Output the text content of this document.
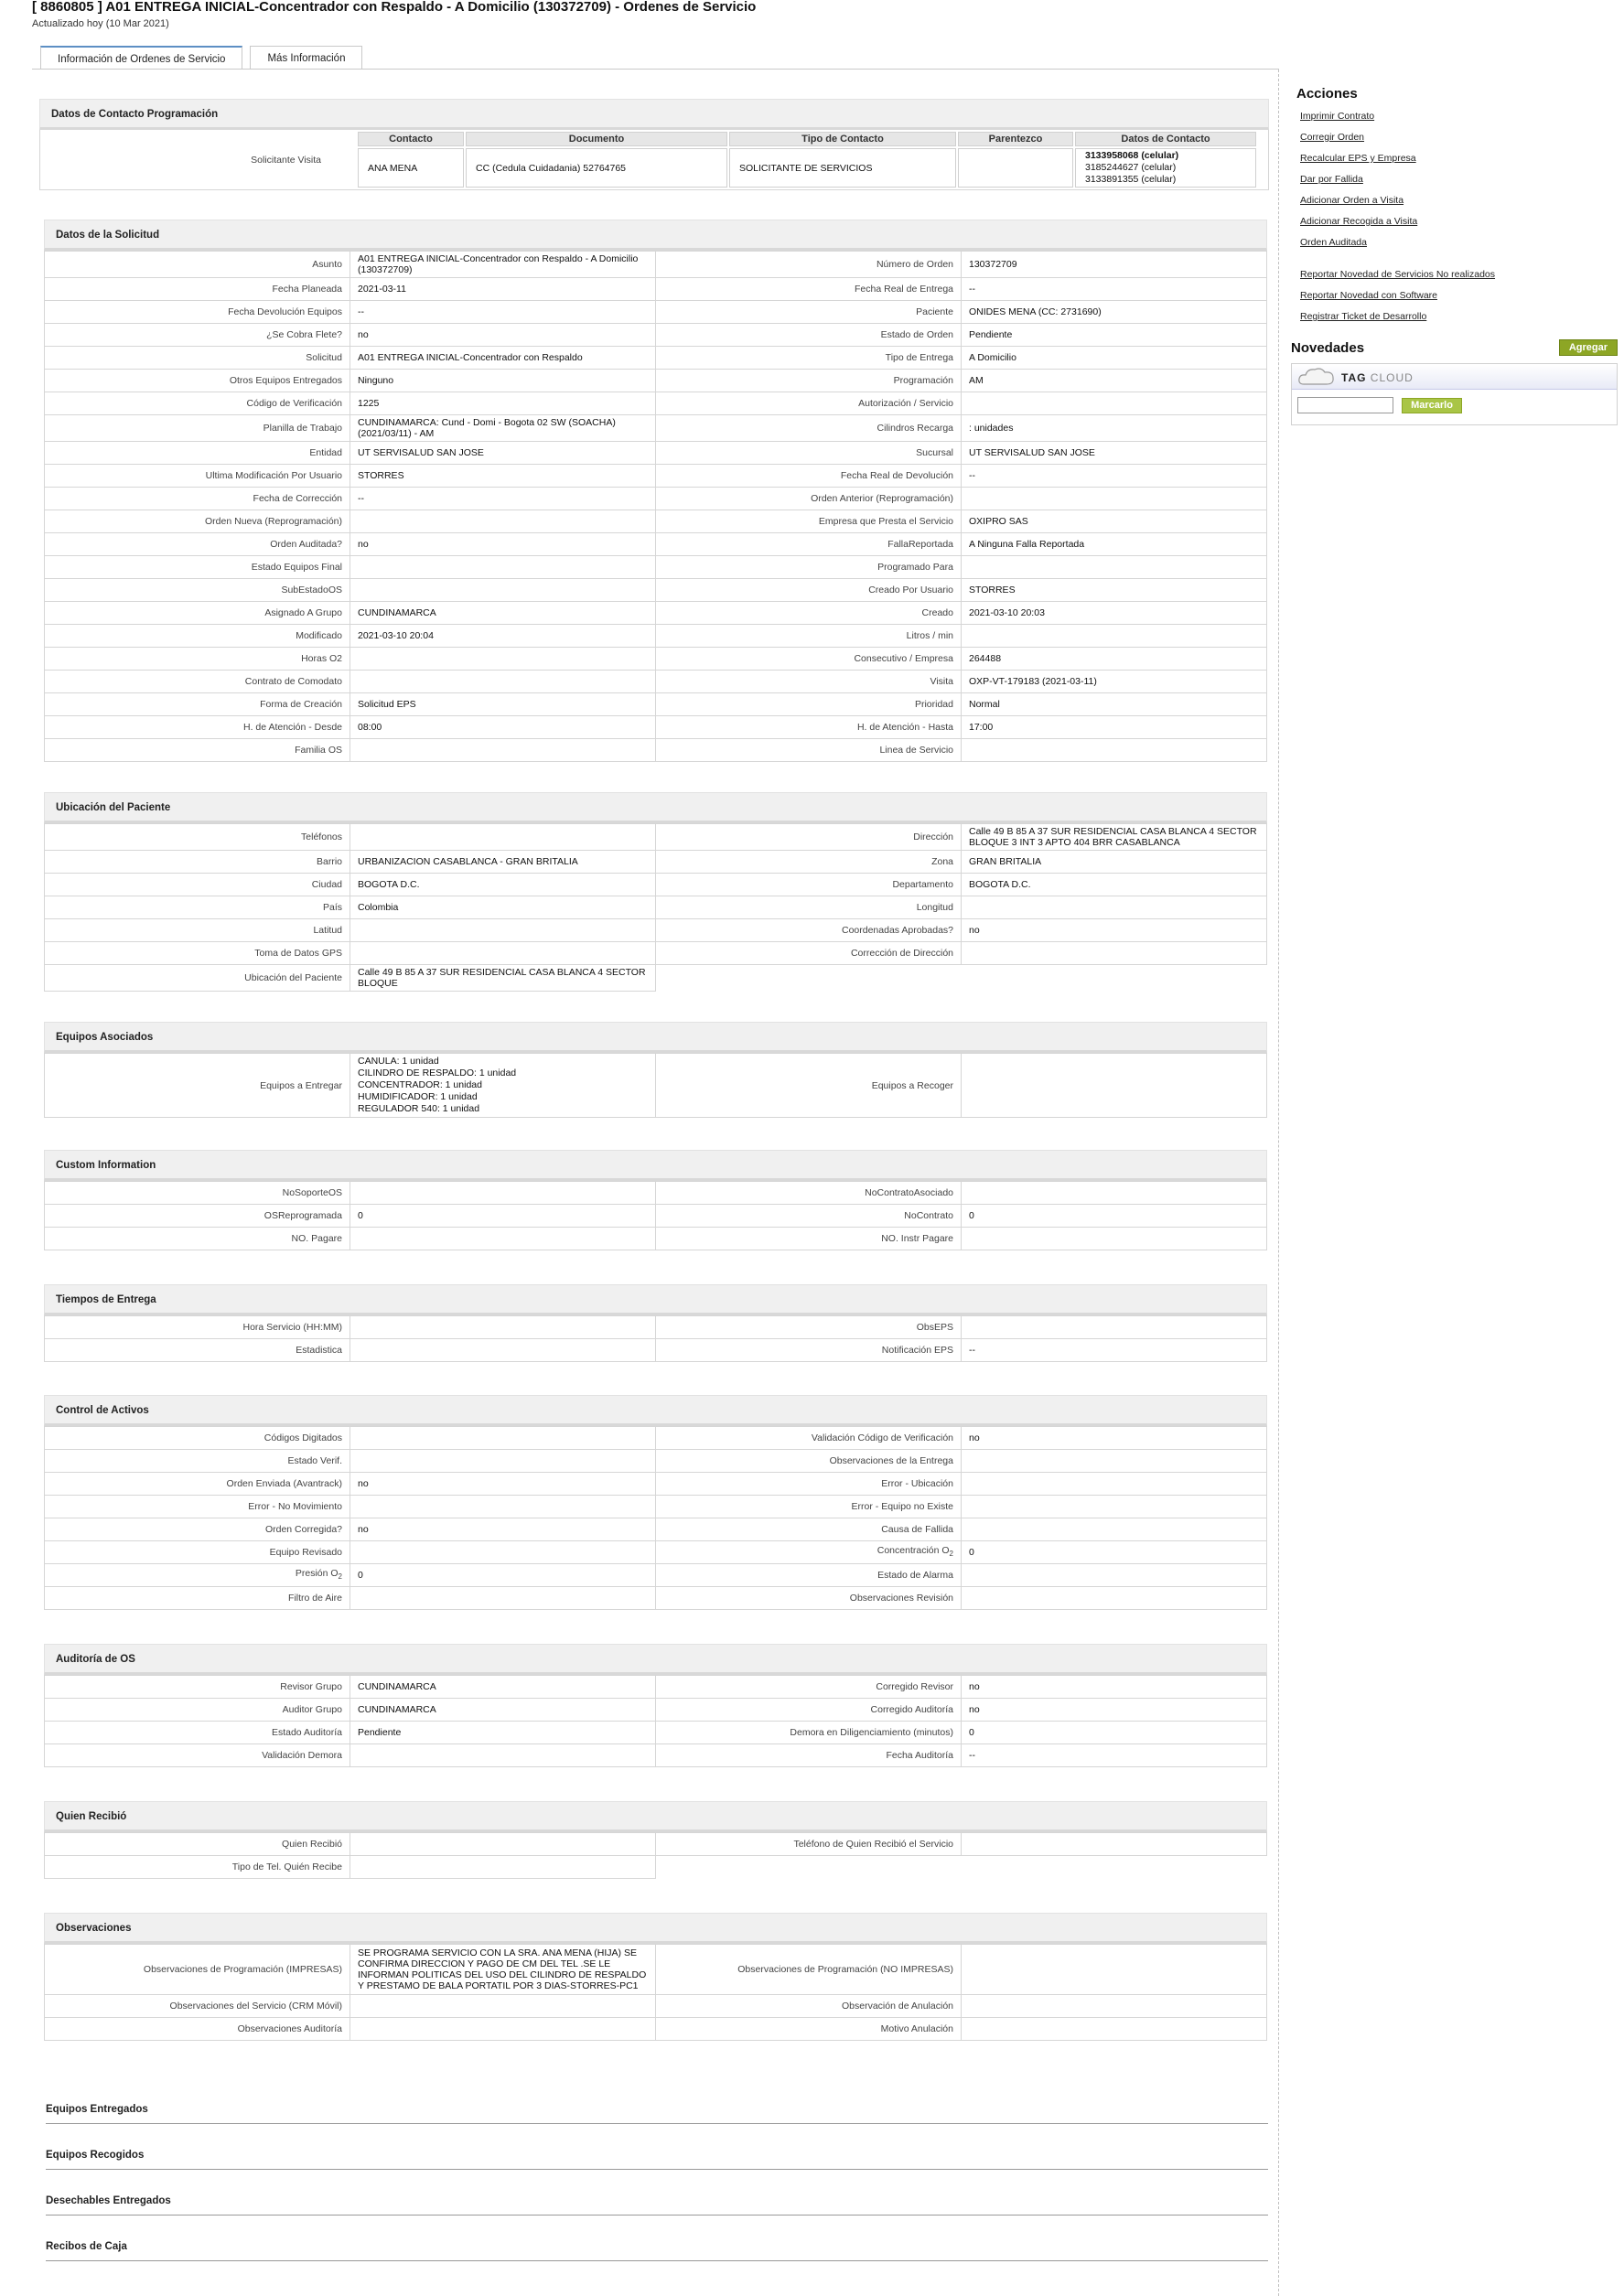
[ 8860805 ] A01 ENTREGA INICIAL-Concentrador con Respaldo - A Domicilio (130372709) - Ordenes de Servicio
Actualizado hoy (10 Mar 2021)
Información de Ordenes de Servicio	Más Información
Datos de Contacto Programación
Solicitante Visita
Contacto	Documento	Tipo de Contacto	Parentezco	Datos de Contacto
ANA MENA	CC (Cedula Cuidadania) 52764765	SOLICITANTE DE SERVICIOS		3133958068 (celular)
3185244627 (celular)
3133891355 (celular)
Datos de la Solicitud
Asunto	A01 ENTREGA INICIAL-Concentrador con Respaldo - A Domicilio (130372709)	Número de Orden	130372709
Fecha Planeada	2021-03-11	Fecha Real de Entrega	--
Fecha Devolución Equipos	--	Paciente	ONIDES MENA (CC: 2731690)
¿Se Cobra Flete?	no	Estado de Orden	Pendiente
Solicitud	A01 ENTREGA INICIAL-Concentrador con Respaldo	Tipo de Entrega	A Domicilio
Otros Equipos Entregados	Ninguno	Programación	AM
Código de Verificación	1225	Autorización / Servicio	
Planilla de Trabajo	CUNDINAMARCA: Cund - Domi - Bogota 02 SW (SOACHA) (2021/03/11) - AM	Cilindros Recarga	: unidades
Entidad	UT SERVISALUD SAN JOSE	Sucursal	UT SERVISALUD SAN JOSE
Ultima Modificación Por Usuario	STORRES	Fecha Real de Devolución	--
Fecha de Corrección	--	Orden Anterior (Reprogramación)	
Orden Nueva (Reprogramación)		Empresa que Presta el Servicio	OXIPRO SAS
Orden Auditada?	no	FallaReportada	A Ninguna Falla Reportada
Estado Equipos Final		Programado Para	
SubEstadoOS		Creado Por Usuario	STORRES
Asignado A Grupo	CUNDINAMARCA	Creado	2021-03-10 20:03
Modificado	2021-03-10 20:04	Litros / min	
Horas O2		Consecutivo / Empresa	264488
Contrato de Comodato		Visita	OXP-VT-179183 (2021-03-11)
Forma de Creación	Solicitud EPS	Prioridad	Normal
H. de Atención - Desde	08:00	H. de Atención - Hasta	17:00
Familia OS		Linea de Servicio	
Ubicación del Paciente
Teléfonos		Dirección	Calle 49 B 85 A 37 SUR RESIDENCIAL CASA BLANCA 4 SECTOR BLOQUE 3 INT 3 APTO 404 BRR CASABLANCA
Barrio	URBANIZACION CASABLANCA - GRAN BRITALIA	Zona	GRAN BRITALIA
Ciudad	BOGOTA D.C.	Departamento	BOGOTA D.C.
País	Colombia	Longitud	
Latitud		Coordenadas Aprobadas?	no
Toma de Datos GPS		Corrección de Dirección	
Ubicación del Paciente	Calle 49 B 85 A 37 SUR RESIDENCIAL CASA BLANCA 4 SECTOR BLOQUE		
Equipos Asociados
Equipos a Entregar	
CANULA: 1 unidad
CILINDRO DE RESPALDO: 1 unidad
CONCENTRADOR: 1 unidad
HUMIDIFICADOR: 1 unidad
REGULADOR 540: 1 unidad
	Equipos a Recoger	
Custom Information
NoSoporteOS		NoContratoAsociado	
OSReprogramada	0	NoContrato	0
NO. Pagare		NO. Instr Pagare	
Tiempos de Entrega
Hora Servicio (HH:MM)		ObsEPS	
Estadistica		Notificación EPS	--
Control de Activos
Códigos Digitados		Validación Código de Verificación	no
Estado Verif.		Observaciones de la Entrega	
Orden Enviada (Avantrack)	no	Error - Ubicación	
Error - No Movimiento		Error - Equipo no Existe	
Orden Corregida?	no	Causa de Fallida	
Equipo Revisado		Concentración $O_2$	0
Presión $O_2$	0	Estado de Alarma	
Filtro de Aire		Observaciones Revisión	
Auditoría de OS
Revisor Grupo	CUNDINAMARCA	Corregido Revisor	no
Auditor Grupo	CUNDINAMARCA	Corregido Auditoría	no
Estado Auditoría	Pendiente	Demora en Diligenciamiento (minutos)	0
Validación Demora		Fecha Auditoría	--
Quien Recibió
Quien Recibió		Teléfono de Quien Recibió el Servicio	
Tipo de Tel. Quién Recibe			
Observaciones
Observaciones de Programación (IMPRESAS)	SE PROGRAMA SERVICIO CON LA SRA. ANA MENA (HIJA) SE CONFIRMA DIRECCION Y PAGO DE CM DEL TEL .SE LE INFORMAN POLITICAS DEL USO DEL CILINDRO DE RESPALDO Y PRESTAMO DE BALA PORTATIL POR 3 DIAS-STORRES-PC1	Observaciones de Programación (NO IMPRESAS)	
Observaciones del Servicio (CRM Móvil)		Observación de Anulación	
Observaciones Auditoría		Motivo Anulación	
Equipos Entregados
Equipos Recogidos
Desechables Entregados
Recibos de Caja
Acciones
Imprimir Contrato
Corregir Orden
Recalcular EPS y Empresa
Dar por Fallida
Adicionar Orden a Visita
Adicionar Recogida a Visita
Orden Auditada
Reportar Novedad de Servicios No realizados
Reportar Novedad con Software
Registrar Ticket de Desarrollo
Novedades	Agregar
TAG CLOUD
Marcarlo
